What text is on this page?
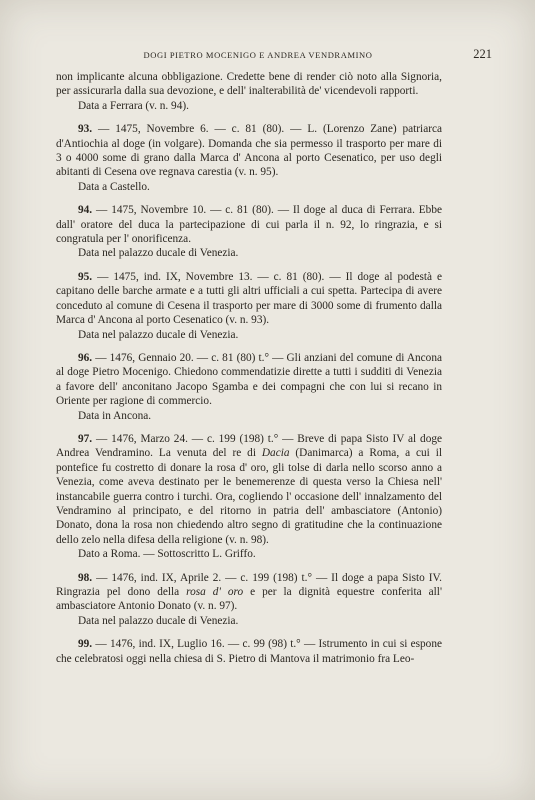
DOGI PIETRO MOCENIGO E ANDREA VENDRAMINO	221

non implicante alcuna obbligazione. Credette bene di render ciò noto alla Signoria, per assicurarla dalla sua devozione, e dell' inalterabilità de' vicendevoli rapporti.

Data a Ferrara (v. n. 94).

93. — 1475, Novembre 6. — c. 81 (80). — L. (Lorenzo Zane) patriarca d'Antiochia al doge (in volgare). Domanda che sia permesso il trasporto per mare di 3 o 4000 some di grano dalla Marca d' Ancona al porto Cesenatico, per uso degli abitanti di Cesena ove regnava carestia (v. n. 95).

Data a Castello.

94. — 1475, Novembre 10. — c. 81 (80). — Il doge al duca di Ferrara. Ebbe dall' oratore del duca la partecipazione di cui parla il n. 92, lo ringrazia, e si congratula per l' onorificenza.

Data nel palazzo ducale di Venezia.

95. — 1475, ind. IX, Novembre 13. — c. 81 (80). — Il doge al podestà e capitano delle barche armate e a tutti gli altri ufficiali a cui spetta. Partecipa di avere conceduto al comune di Cesena il trasporto per mare di 3000 some di frumento dalla Marca d' Ancona al porto Cesenatico (v. n. 93).

Data nel palazzo ducale di Venezia.

96. — 1476, Gennaio 20. — c. 81 (80) t.° — Gli anziani del comune di Ancona al doge Pietro Mocenigo. Chiedono commendatizie dirette a tutti i sudditi di Venezia a favore dell' anconitano Jacopo Sgamba e dei compagni che con lui si recano in Oriente per ragione di commercio.

Data in Ancona.

97. — 1476, Marzo 24. — c. 199 (198) t.° — Breve di papa Sisto IV al doge Andrea Vendramino. La venuta del re di Dacia (Danimarca) a Roma, a cui il pontefice fu costretto di donare la rosa d' oro, gli tolse di darla nello scorso anno a Venezia, come aveva destinato per le benemerenze di questa verso la Chiesa nell' instancabile guerra contro i turchi. Ora, cogliendo l' occasione dell' innalzamento del Vendramino al principato, e del ritorno in patria dell' ambasciatore (Antonio) Donato, dona la rosa non chiedendo altro segno di gratitudine che la continuazione dello zelo nella difesa della religione (v. n. 98).

Dato a Roma. — Sottoscritto L. Griffo.

98. — 1476, ind. IX, Aprile 2. — c. 199 (198) t.° — Il doge a papa Sisto IV. Ringrazia pel dono della rosa d' oro e per la dignità equestre conferita all' ambasciatore Antonio Donato (v. n. 97).

Data nel palazzo ducale di Venezia.

99. — 1476, ind. IX, Luglio 16. — c. 99 (98) t.° — Istrumento in cui si espone che celebratosi oggi nella chiesa di S. Pietro di Mantova il matrimonio fra Leo-
